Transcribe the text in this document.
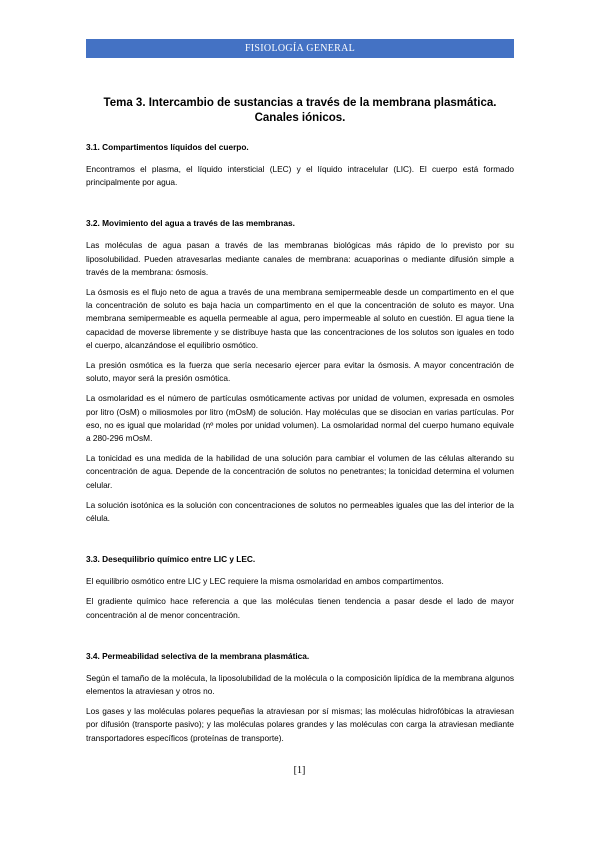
FISIOLOGÍA GENERAL
Tema 3. Intercambio de sustancias a través de la membrana plasmática. Canales iónicos.
3.1. Compartimentos líquidos del cuerpo.

Encontramos el plasma, el líquido intersticial (LEC) y el líquido intracelular (LIC). El cuerpo está formado principalmente por agua.

3.2. Movimiento del agua a través de las membranas.

Las moléculas de agua pasan a través de las membranas biológicas más rápido de lo previsto por su liposolubilidad. Pueden atravesarlas mediante canales de membrana: acuaporinas o mediante difusión simple a través de la membrana: ósmosis.

La ósmosis es el flujo neto de agua a través de una membrana semipermeable desde un compartimento en el que la concentración de soluto es baja hacia un compartimento en el que la concentración de soluto es mayor. Una membrana semipermeable es aquella permeable al agua, pero impermeable al soluto en cuestión. El agua tiene la capacidad de moverse libremente y se distribuye hasta que las concentraciones de los solutos son iguales en todo el cuerpo, alcanzándose el equilibrio osmótico.

La presión osmótica es la fuerza que sería necesario ejercer para evitar la ósmosis. A mayor concentración de soluto, mayor será la presión osmótica.

La osmolaridad es el número de partículas osmóticamente activas por unidad de volumen, expresada en osmoles por litro (OsM) o miliosmoles por litro (mOsM) de solución. Hay moléculas que se disocian en varias partículas. Por eso, no es igual que molaridad (nº moles por unidad volumen). La osmolaridad normal del cuerpo humano equivale a 280-296 mOsM.

La tonicidad es una medida de la habilidad de una solución para cambiar el volumen de las células alterando su concentración de agua. Depende de la concentración de solutos no penetrantes; la tonicidad determina el volumen celular.

La solución isotónica es la solución con concentraciones de solutos no permeables iguales que las del interior de la célula.

3.3. Desequilibrio químico entre LIC y LEC.

El equilibrio osmótico entre LIC y LEC requiere la misma osmolaridad en ambos compartimentos.

El gradiente químico hace referencia a que las moléculas tienen tendencia a pasar desde el lado de mayor concentración al de menor concentración.

3.4. Permeabilidad selectiva de la membrana plasmática.

Según el tamaño de la molécula, la liposolubilidad de la molécula o la composición lipídica de la membrana algunos elementos la atraviesan y otros no.

Los gases y las moléculas polares pequeñas la atraviesan por sí mismas; las moléculas hidrofóbicas la atraviesan por difusión (transporte pasivo); y las moléculas polares grandes y las moléculas con carga la atraviesan mediante transportadores específicos (proteínas de transporte).

[1]
